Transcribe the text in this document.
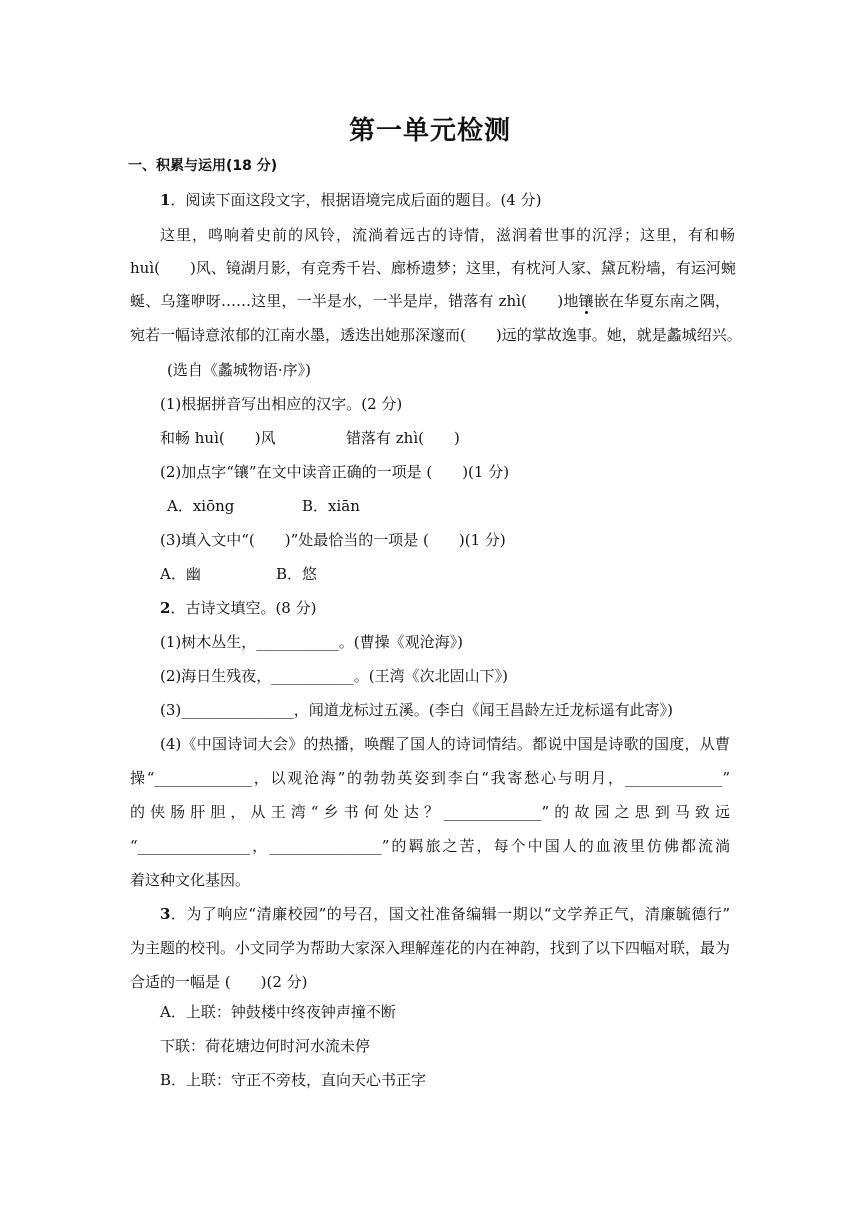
第一单元检测
一、积累与运用(18 分)
1．阅读下面这段文字，根据语境完成后面的题目。(4 分)
这里，鸣响着史前的风铃，流淌着远古的诗情，滋润着世事的沉浮；这里，有和畅
huì(　　)风、镜湖月影，有竞秀千岩、廊桥遗梦；这里，有枕河人家、黛瓦粉墙，有运河蜿
蜒、乌篷咿呀……这里，一半是水，一半是岸，错落有 zhì(　　)地镶嵌在华夏东南之隅，
宛若一幅诗意浓郁的江南水墨，透迭出她那深邃而(　　)远的掌故逸事。她，就是蠡城绍兴。
(选自《蠡城物语·序》)
(1)根据拼音写出相应的汉字。(2 分)
和畅 huì(　　)风	错落有 zhì(　　)
(2)加点字“镶”在文中读音正确的一项是 (　　)(1 分)
A．xiōng	B．xiān
(3)填入文中“(　　)”处最恰当的一项是 (　　)(1 分)
A．幽	B．悠
2．古诗文填空。(8 分)
(1)树木丛生，___________。(曹操《观沧海》)
(2)海日生残夜，___________。(王湾《次北固山下》)
(3)_______________，闻道龙标过五溪。(李白《闻王昌龄左迁龙标遥有此寄》)
(4)《中国诗词大会》的热播，唤醒了国人的诗词情结。都说中国是诗歌的国度，从曹
操“_____________，以观沧海”的勃勃英姿到李白“我寄愁心与明月，_____________”
的侠肠肝胆，从王湾“乡书何处达？_____________”的故园之思到马致远
“_______________，_______________”的羁旅之苦，每个中国人的血液里仿佛都流淌
着这种文化基因。
3．为了响应“清廉校园”的号召，国文社准备编辑一期以“文学养正气，清廉毓德行”
为主题的校刊。小文同学为帮助大家深入理解莲花的内在神韵，找到了以下四幅对联，最为
合适的一幅是 (　　)(2 分)
A．上联：钟鼓楼中终夜钟声撞不断
下联：荷花塘边何时河水流未停
B．上联：守正不旁枝，直向天心书正字
